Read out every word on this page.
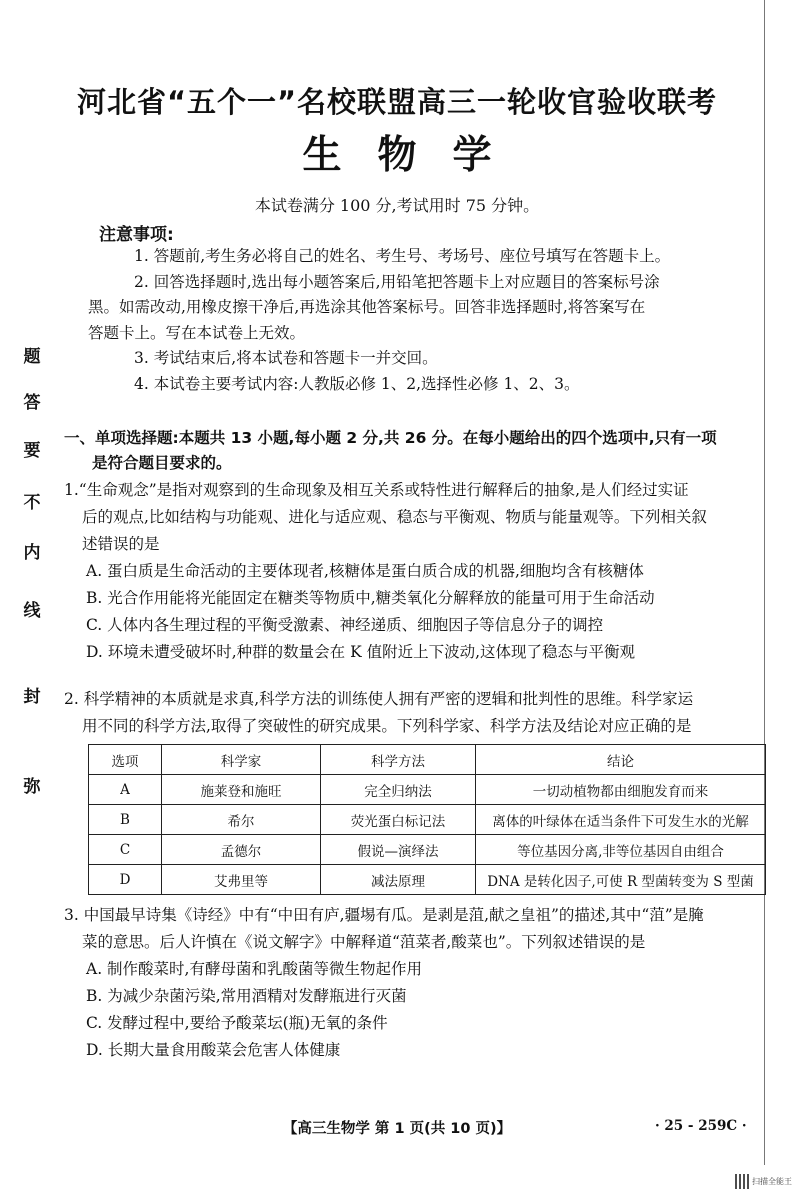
弥
封
线
内
不
要
答
题
河北省“五个一”名校联盟高三一轮收官验收联考
生物学
本试卷满分 100 分,考试用时 75 分钟。
注意事项:

1. 答题前,考生务必将自己的姓名、考生号、考场号、座位号填写在答题卡上。

2. 回答选择题时,选出每小题答案后,用铅笔把答题卡上对应题目的答案标号涂

黑。如需改动,用橡皮擦干净后,再选涂其他答案标号。回答非选择题时,将答案写在

答题卡上。写在本试卷上无效。

3. 考试结束后,将本试卷和答题卡一并交回。

4. 本试卷主要考试内容:人教版必修 1、2,选择性必修 1、2、3。

一、单项选择题:本题共 13 小题,每小题 2 分,共 26 分。在每小题给出的四个选项中,只有一项
是符合题目要求的。
1.“生命观念”是指对观察到的生命现象及相互关系或特性进行解释后的抽象,是人们经过实证
后的观点,比如结构与功能观、进化与适应观、稳态与平衡观、物质与能量观等。下列相关叙
述错误的是
A. 蛋白质是生命活动的主要体现者,核糖体是蛋白质合成的机器,细胞均含有核糖体
B. 光合作用能将光能固定在糖类等物质中,糖类氧化分解释放的能量可用于生命活动
C. 人体内各生理过程的平衡受激素、神经递质、细胞因子等信息分子的调控
D. 环境未遭受破坏时,种群的数量会在 K 值附近上下波动,这体现了稳态与平衡观
2. 科学精神的本质就是求真,科学方法的训练使人拥有严密的逻辑和批判性的思维。科学家运
用不同的科学方法,取得了突破性的研究成果。下列科学家、科学方法及结论对应正确的是
选项	科学家	科学方法	结论
A	施莱登和施旺	完全归纳法	一切动植物都由细胞发育而来
B	希尔	荧光蛋白标记法	离体的叶绿体在适当条件下可发生水的光解
C	孟德尔	假说—演绎法	等位基因分离,非等位基因自由组合
D	艾弗里等	减法原理	DNA 是转化因子,可使 R 型菌转变为 S 型菌
3. 中国最早诗集《诗经》中有“中田有庐,疆埸有瓜。是剥是菹,献之皇祖”的描述,其中“菹”是腌
菜的意思。后人许慎在《说文解字》中解释道“菹菜者,酸菜也”。下列叙述错误的是
A. 制作酸菜时,有酵母菌和乳酸菌等微生物起作用
B. 为减少杂菌污染,常用酒精对发酵瓶进行灭菌
C. 发酵过程中,要给予酸菜坛(瓶)无氧的条件
D. 长期大量食用酸菜会危害人体健康
【高三生物学 第 1 页(共 10 页)】	· 25 - 259C ·
扫描全能王
